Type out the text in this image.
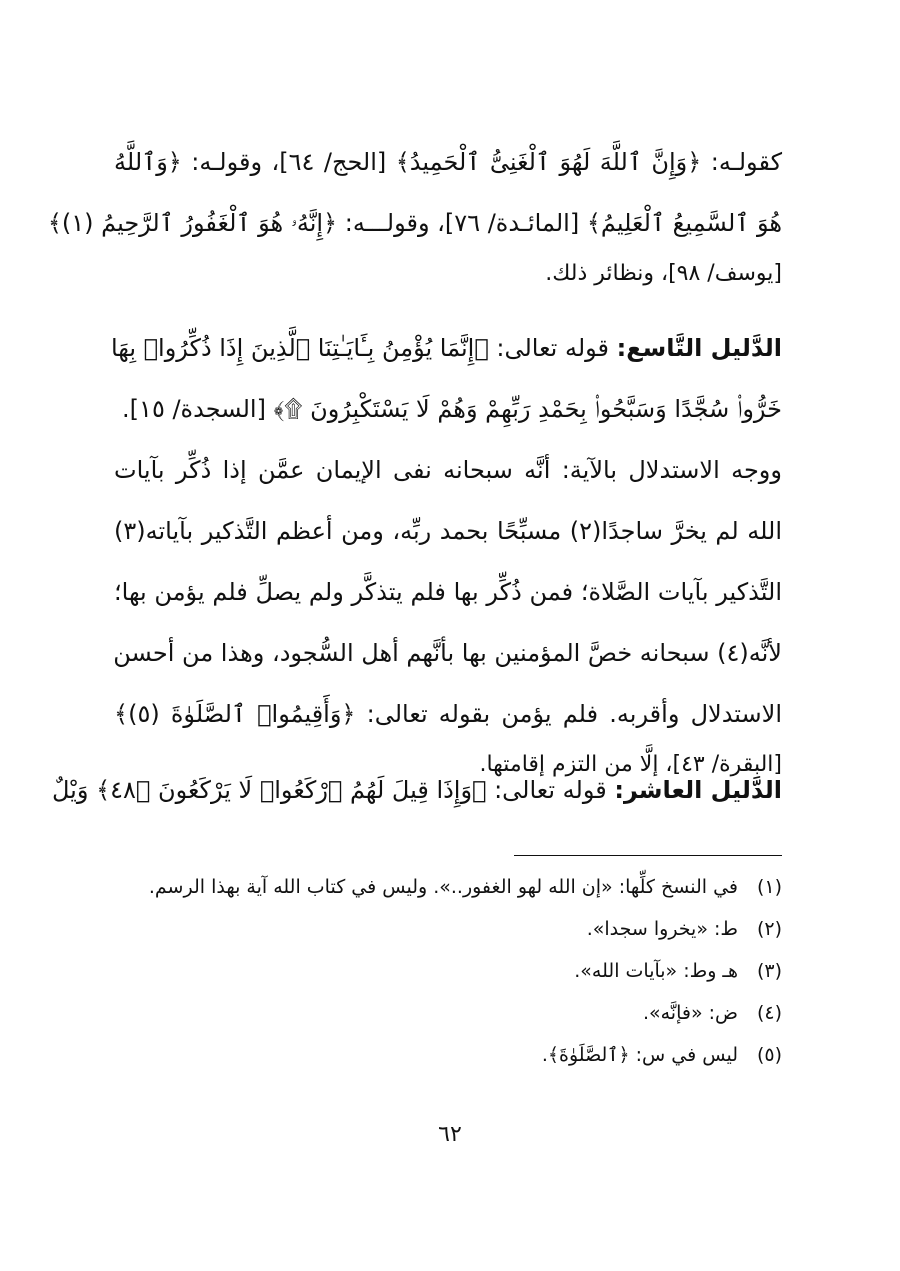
كقولـه: ﴿وَإِنَّ ٱللَّهَ لَهُوَ ٱلْغَنِىُّ ٱلْحَمِيدُ﴾ [الحج/ ٦٤]، وقولـه: ﴿وَٱللَّهُ
هُوَ ٱلسَّمِيعُ ٱلْعَلِيمُ﴾ [المائـدة/ ٧٦]، وقولـــه: ﴿إِنَّهُۥ هُوَ ٱلْغَفُورُ ٱلرَّحِيمُ (١)﴾
[يوسف/ ٩٨]، ونظائر ذلك.
الدَّليل التَّاسع: قوله تعالى: ﴿إِنَّمَا يُؤْمِنُ بِـَٔايَـٰتِنَا ٱلَّذِينَ إِذَا ذُكِّرُوا۟ بِهَا
خَرُّوا۟ سُجَّدًا وَسَبَّحُوا۟ بِحَمْدِ رَبِّهِمْ وَهُمْ لَا يَسْتَكْبِرُونَ ۩﴾ [السجدة/ ١٥].
ووجه الاستدلال بالآية: أنَّه سبحانه نفى الإيمان عمَّن إذا ذُكِّر بآيات
الله لم يخرَّ ساجدًا(٢) مسبِّحًا بحمد ربِّه، ومن أعظم التَّذكير بآياته(٣)
التَّذكير بآيات الصَّلاة؛ فمن ذُكِّر بها فلم يتذكَّر ولم يصلِّ فلم يؤمن بها؛
لأنَّه(٤) سبحانه خصَّ المؤمنين بها بأنَّهم أهل السُّجود، وهذا من أحسن
الاستدلال وأقربه. فلم يؤمن بقوله تعالى: ﴿وَأَقِيمُوا۟ ٱلصَّلَوٰةَ (٥)﴾
[البقرة/ ٤٣]، إلَّا من التزم إقامتها.
الدَّليل العاشر: قوله تعالى: ﴿وَإِذَا قِيلَ لَهُمُ ٱرْكَعُوا۟ لَا يَرْكَعُونَ ﴿٤٨﴾ وَيْلٌ
(١)
في النسخ كلِّها: «إن الله لهو الغفور..». وليس في كتاب الله آية بهذا الرسم.
(٢)
ط: «يخروا سجدا».
(٣)
هـ وط: «بآيات الله».
(٤)
ض: «فإنَّه».
(٥)
ليس في س: ﴿ٱلصَّلَوٰةَ﴾.
٦٢
